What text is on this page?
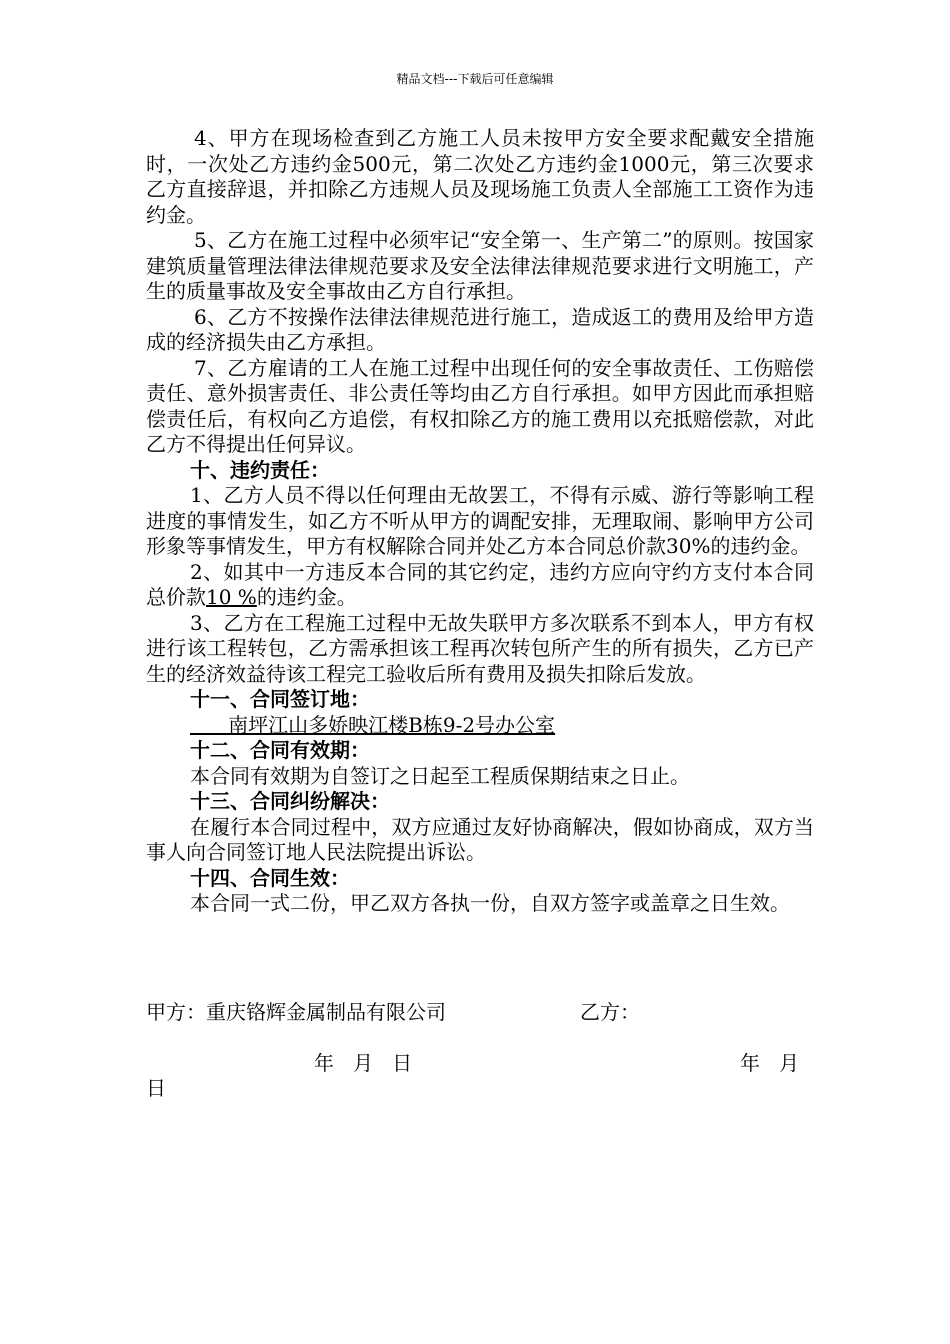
精品文档---下载后可任意编辑

4、甲方在现场检查到乙方施工人员未按甲方安全要求配戴安全措施时，一次处乙方违约金500元，第二次处乙方违约金1000元，第三次要求乙方直接辞退，并扣除乙方违规人员及现场施工负责人全部施工工资作为违约金。

5、乙方在施工过程中必须牢记“安全第一、生产第二”的原则。按国家建筑质量管理法律法律规范要求及安全法律法律规范要求进行文明施工，产生的质量事故及安全事故由乙方自行承担。

6、乙方不按操作法律法律规范进行施工，造成返工的费用及给甲方造成的经济损失由乙方承担。

7、乙方雇请的工人在施工过程中出现任何的安全事故责任、工伤赔偿责任、意外损害责任、非公责任等均由乙方自行承担。如甲方因此而承担赔偿责任后，有权向乙方追偿，有权扣除乙方的施工费用以充抵赔偿款，对此乙方不得提出任何异议。

十、违约责任：

1、乙方人员不得以任何理由无故罢工，不得有示威、游行等影响工程进度的事情发生，如乙方不听从甲方的调配安排，无理取闹、影响甲方公司形象等事情发生，甲方有权解除合同并处乙方本合同总价款30%的违约金。

2、如其中一方违反本合同的其它约定，违约方应向守约方支付本合同总价款10 %的违约金。

3、乙方在工程施工过程中无故失联甲方多次联系不到本人，甲方有权进行该工程转包，乙方需承担该工程再次转包所产生的所有损失，乙方已产生的经济效益待该工程完工验收后所有费用及损失扣除后发放。

十一、合同签订地：

南坪江山多娇映江楼B栋9-2号办公室

十二、合同有效期：

本合同有效期为自签订之日起至工程质保期结束之日止。

十三、合同纠纷解决：

在履行本合同过程中，双方应通过友好协商解决，假如协商成，双方当事人向合同签订地人民法院提出诉讼。

十四、合同生效：

本合同一式二份，甲乙双方各执一份，自双方签字或盖章之日生效。

甲方：重庆铬辉金属制品有限公司	乙方：
年   月   日	年   月
日
